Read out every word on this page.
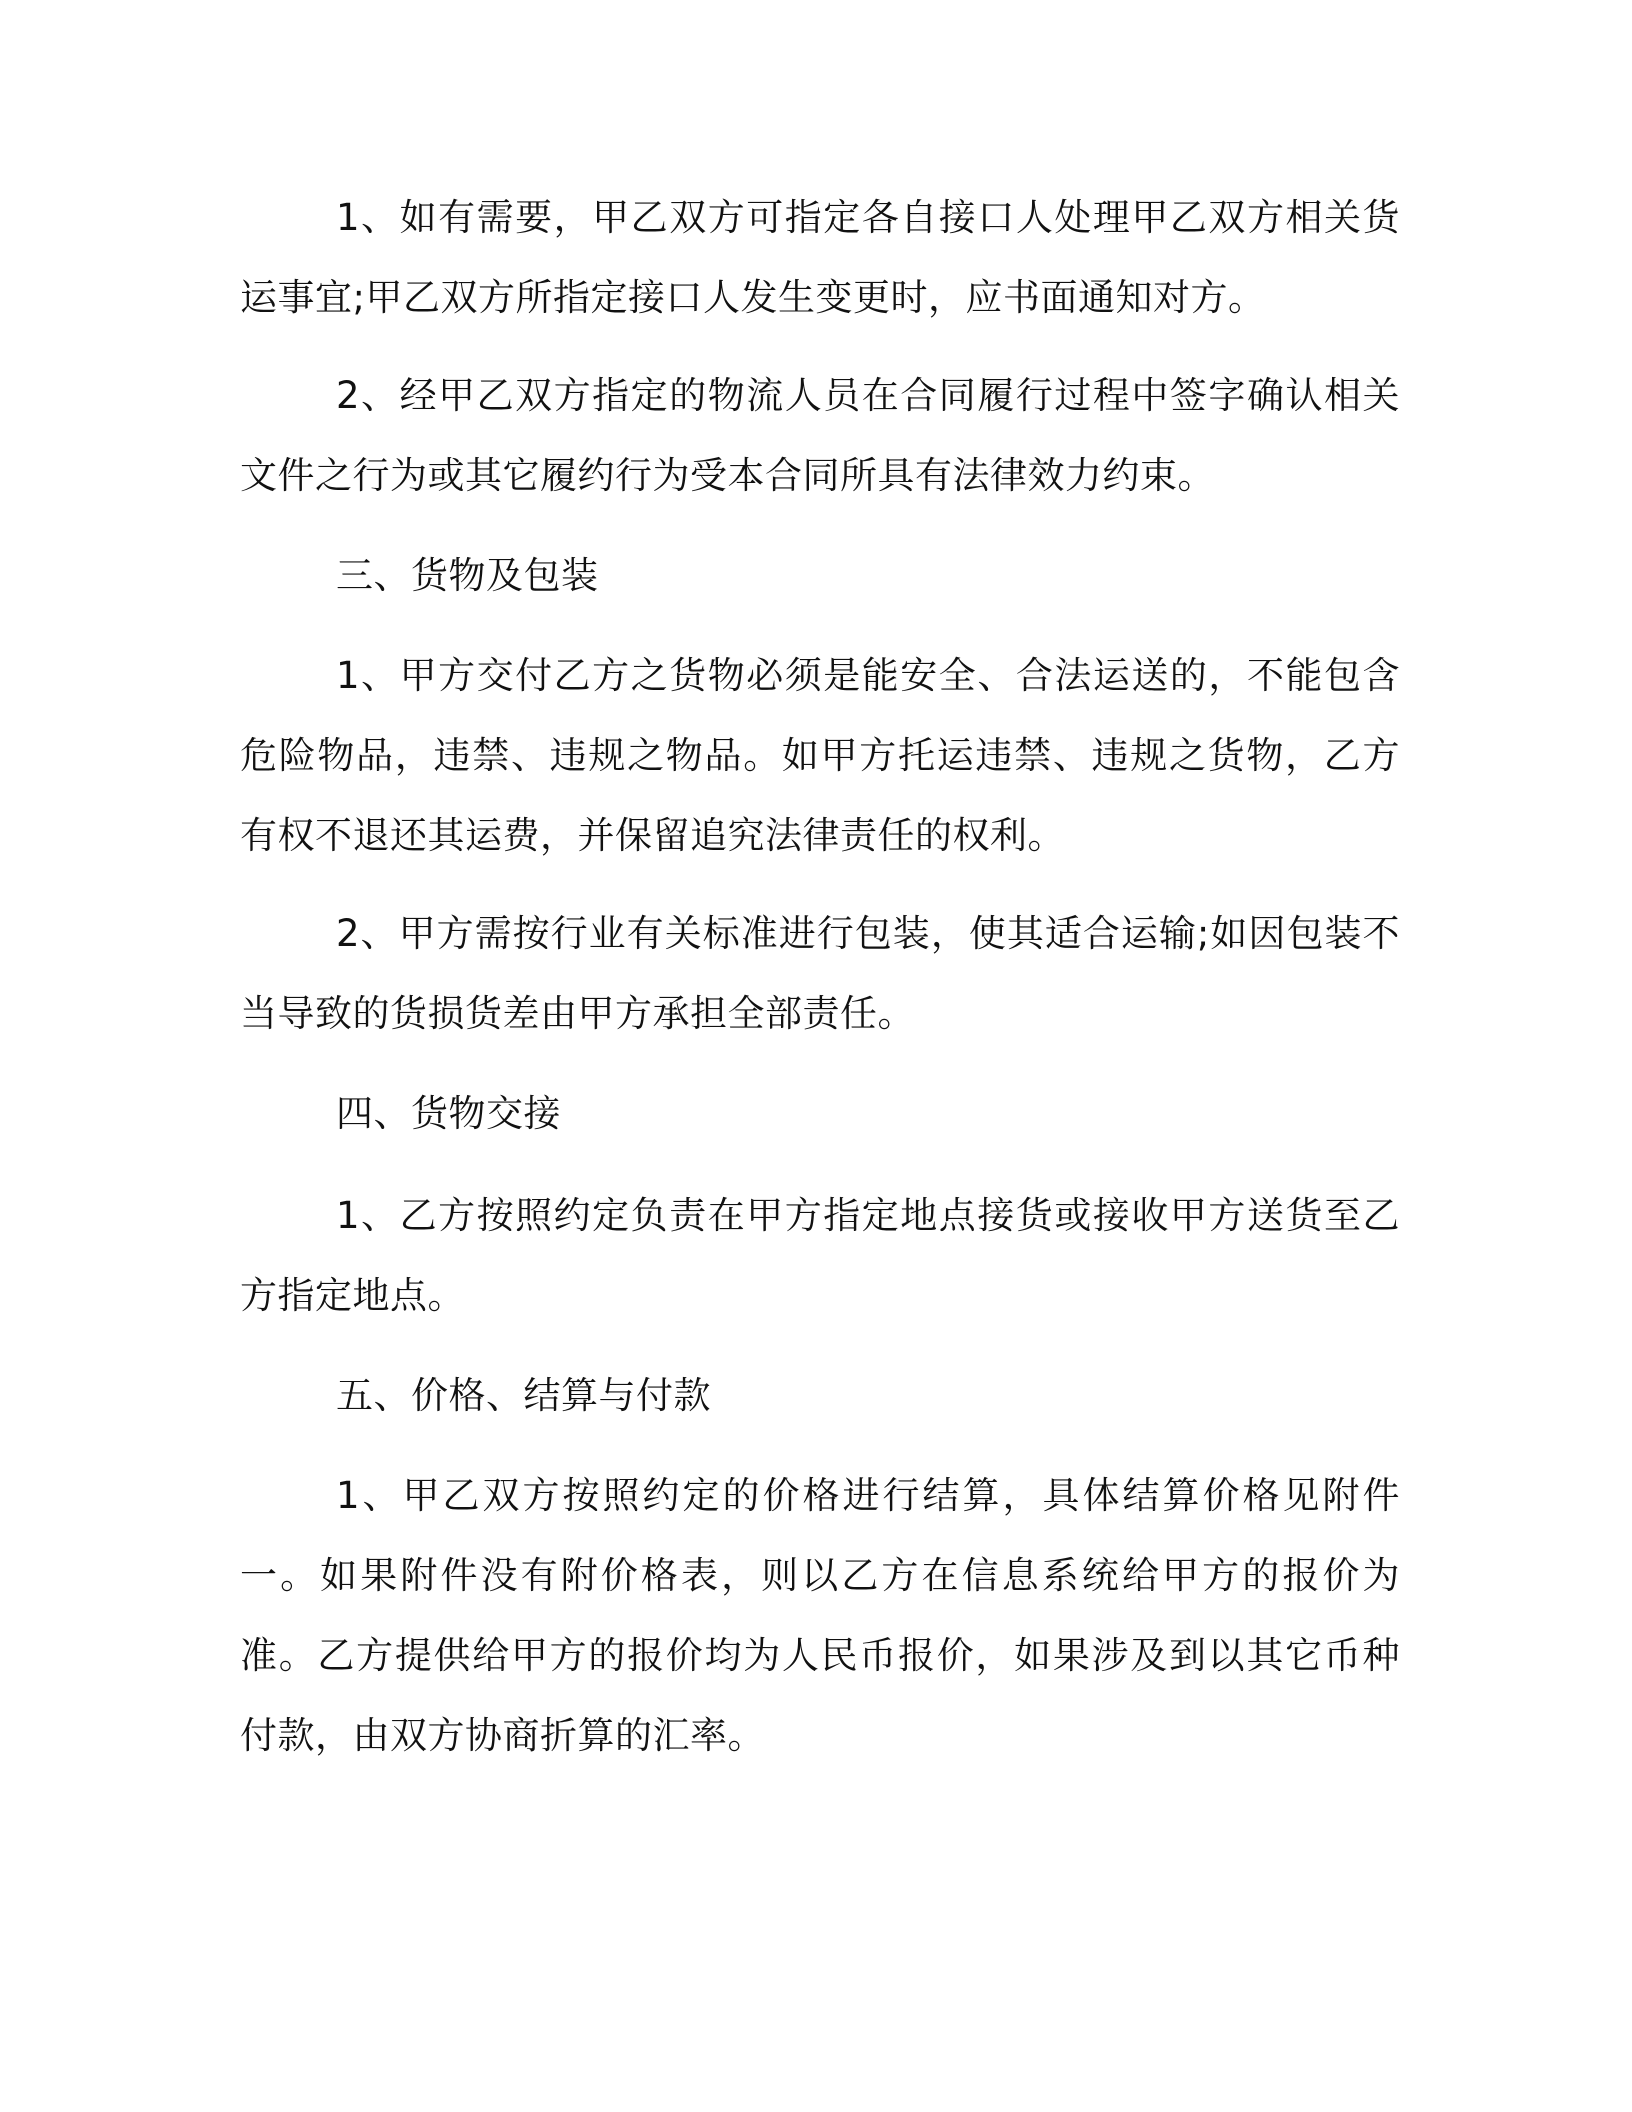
1、如有需要，甲乙双方可指定各自接口人处理甲乙双方相关货运事宜;甲乙双方所指定接口人发生变更时，应书面通知对方。

2、经甲乙双方指定的物流人员在合同履行过程中签字确认相关文件之行为或其它履约行为受本合同所具有法律效力约束。

三、货物及包装

1、甲方交付乙方之货物必须是能安全、合法运送的，不能包含危险物品，违禁、违规之物品。如甲方托运违禁、违规之货物，乙方有权不退还其运费，并保留追究法律责任的权利。

2、甲方需按行业有关标准进行包装，使其适合运输;如因包装不当导致的货损货差由甲方承担全部责任。

四、货物交接

1、乙方按照约定负责在甲方指定地点接货或接收甲方送货至乙方指定地点。

五、价格、结算与付款

1、甲乙双方按照约定的价格进行结算，具体结算价格见附件一。如果附件没有附价格表，则以乙方在信息系统给甲方的报价为准。乙方提供给甲方的报价均为人民币报价，如果涉及到以其它币种付款，由双方协商折算的汇率。
